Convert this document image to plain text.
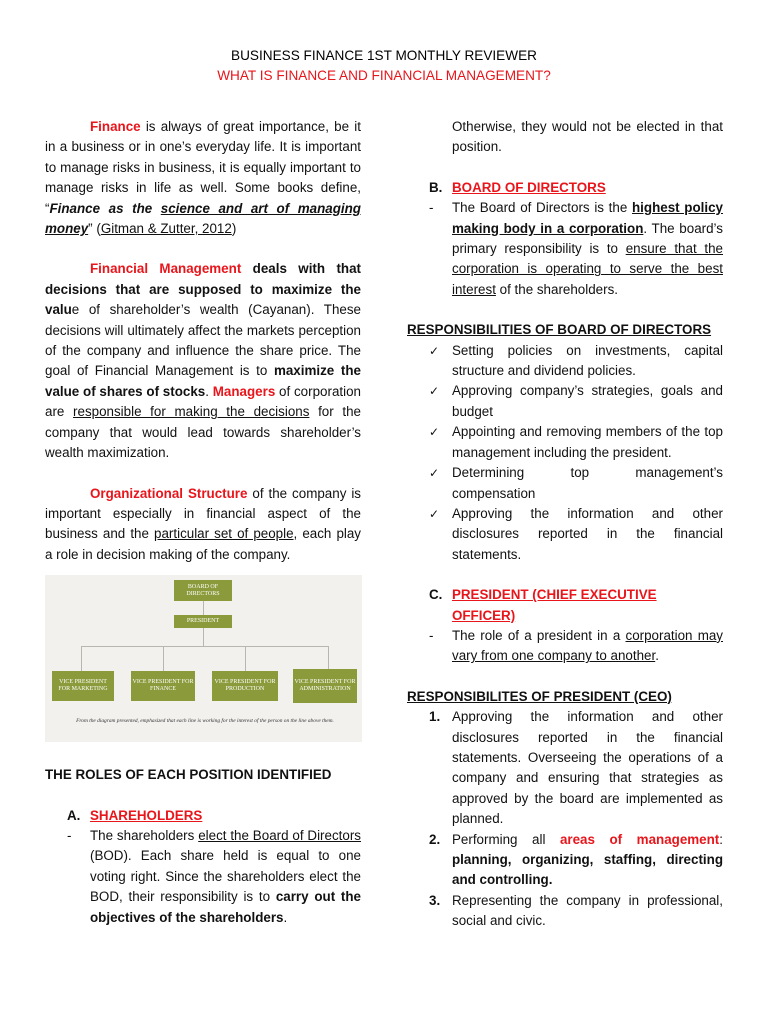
BUSINESS FINANCE 1ST MONTHLY REVIEWER
WHAT IS FINANCE AND FINANCIAL MANAGEMENT?

Finance is always of great importance, be it in a business or in one’s everyday life. It is important to manage risks in business, it is equally important to manage risks in life as well. Some books define, “Finance as the science and art of managing money” (Gitman & Zutter, 2012)

Financial Management deals with that decisions that are supposed to maximize the value of shareholder’s wealth (Cayanan). These decisions will ultimately affect the markets perception of the company and influence the share price. The goal of Financial Management is to maximize the value of shares of stocks. Managers of corporation are responsible for making the decisions for the company that would lead towards shareholder’s wealth maximization.

Organizational Structure of the company is important especially in financial aspect of the business and the particular set of people, each play a role in decision making of the company.

BOARD OF DIRECTORS
PRESIDENT
VICE PRESIDENT FOR MARKETING
VICE PRESIDENT FOR FINANCE
VICE PRESIDENT FOR PRODUCTION
VICE PRESIDENT FOR ADMINISTRATION
From the diagram presented, emphasized that each line is working for the interest of the person on the line above them.
THE ROLES OF EACH POSITION IDENTIFIED
A. SHAREHOLDERS
-	The shareholders elect the Board of Directors (BOD). Each share held is equal to one voting right. Since the shareholders elect the BOD, their responsibility is to carry out the objectives of the shareholders.
Otherwise, they would not be elected in that position.
B. BOARD OF DIRECTORS
-	The Board of Directors is the highest policy making body in a corporation. The board’s primary responsibility is to ensure that the corporation is operating to serve the best interest of the shareholders.
RESPONSIBILITIES OF BOARD OF DIRECTORS
✓ Setting policies on investments, capital structure and dividend policies.
✓ Approving company’s strategies, goals and budget
✓ Appointing and removing members of the top management including the president.
✓ Determining top management’s compensation
✓ Approving the information and other disclosures reported in the financial statements.
C. PRESIDENT (CHIEF EXECUTIVE OFFICER)
-	The role of a president in a corporation may vary from one company to another.
RESPONSIBILITES OF PRESIDENT (CEO)
1. Approving the information and other disclosures reported in the financial statements. Overseeing the operations of a company and ensuring that strategies as approved by the board are implemented as planned.
2. Performing all areas of management: planning, organizing, staffing, directing and controlling.
3. Representing the company in professional, social and civic.
